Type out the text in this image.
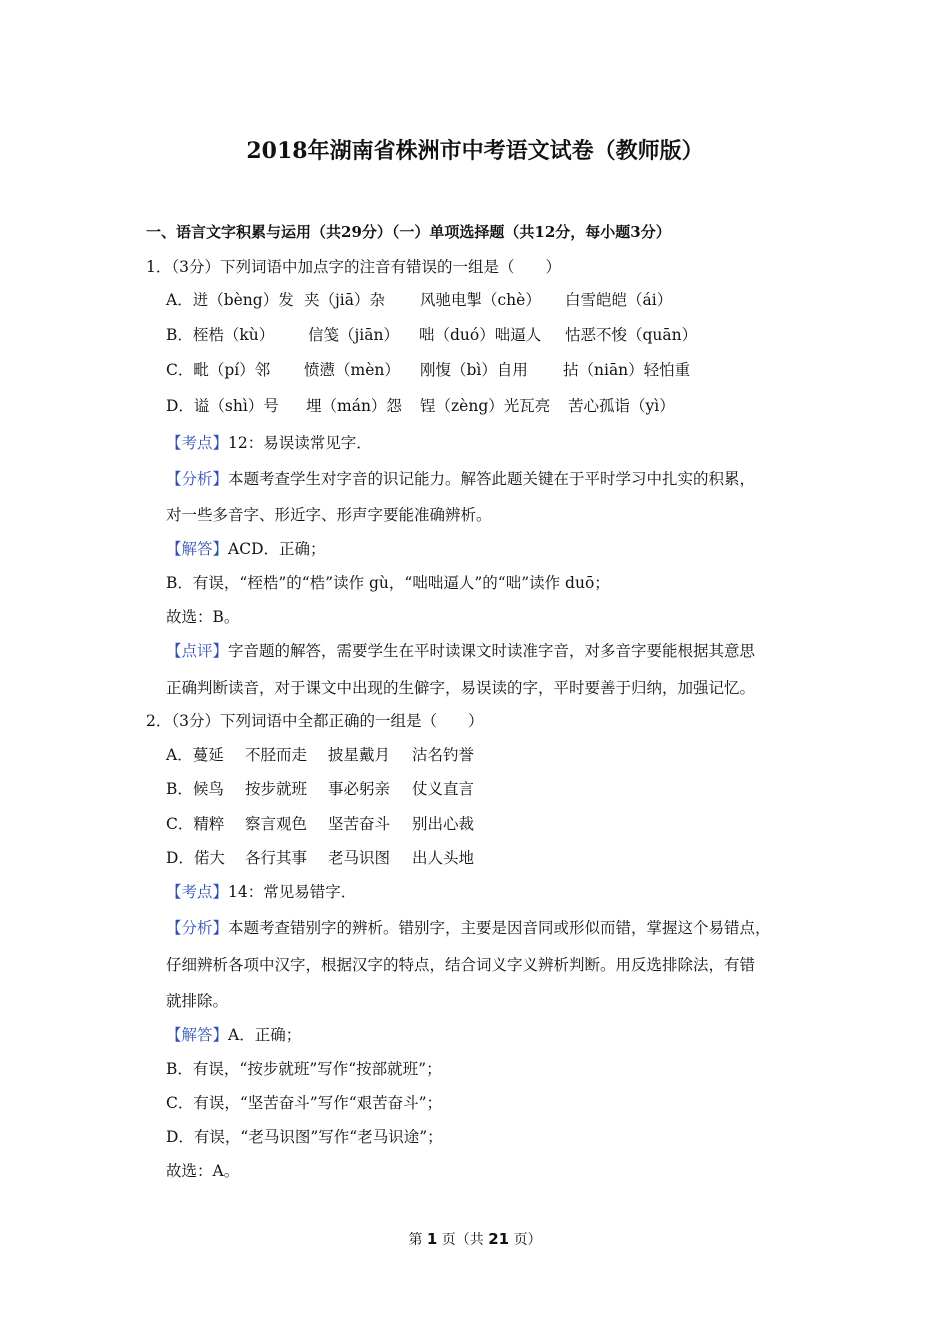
2018年湖南省株洲市中考语文试卷（教师版）
一、语言文字积累与运用（共29分）（一）单项选择题（共12分，每小题3分）
1．（3分）下列词语中加点字的注音有错误的一组是（　　）
A．迸（bèng）发 夹（jiā）杂 风驰电掣（chè） 白雪皑皑（ái）
B．桎梏（kù） 信笺（jiān） 咄（duó）咄逼人 怙恶不悛（quān）
C．毗（pí）邻 愤懑（mèn） 刚愎（bì）自用 拈（niān）轻怕重
D．谥（shì）号 埋（mán）怨 锃（zèng）光瓦亮 苦心孤诣（yì）
【考点】12：易误读常见字．
【分析】本题考查学生对字音的识记能力。解答此题关键在于平时学习中扎实的积累，
对一些多音字、形近字、形声字要能准确辨析。
【解答】ACD．正确；
B．有误，“桎梏”的“梏”读作 gù，“咄咄逼人”的“咄”读作 duō；
故选：B。
【点评】字音题的解答，需要学生在平时读课文时读准字音，对多音字要能根据其意思
正确判断读音，对于课文中出现的生僻字，易误读的字，平时要善于归纳，加强记忆。
2．（3分）下列词语中全都正确的一组是（　　）
A．蔓延 不胫而走 披星戴月 沽名钓誉
B．候鸟 按步就班 事必躬亲 仗义直言
C．精粹 察言观色 坚苦奋斗 别出心裁
D．偌大 各行其事 老马识图 出人头地
【考点】14：常见易错字．
【分析】本题考查错别字的辨析。错别字，主要是因音同或形似而错，掌握这个易错点，
仔细辨析各项中汉字，根据汉字的特点，结合词义字义辨析判断。用反选排除法，有错
就排除。
【解答】A．正确；
B．有误，“按步就班”写作“按部就班”；
C．有误，“坚苦奋斗”写作“艰苦奋斗”；
D．有误，“老马识图”写作“老马识途”；
故选：A。
第 1 页（共 21 页）
